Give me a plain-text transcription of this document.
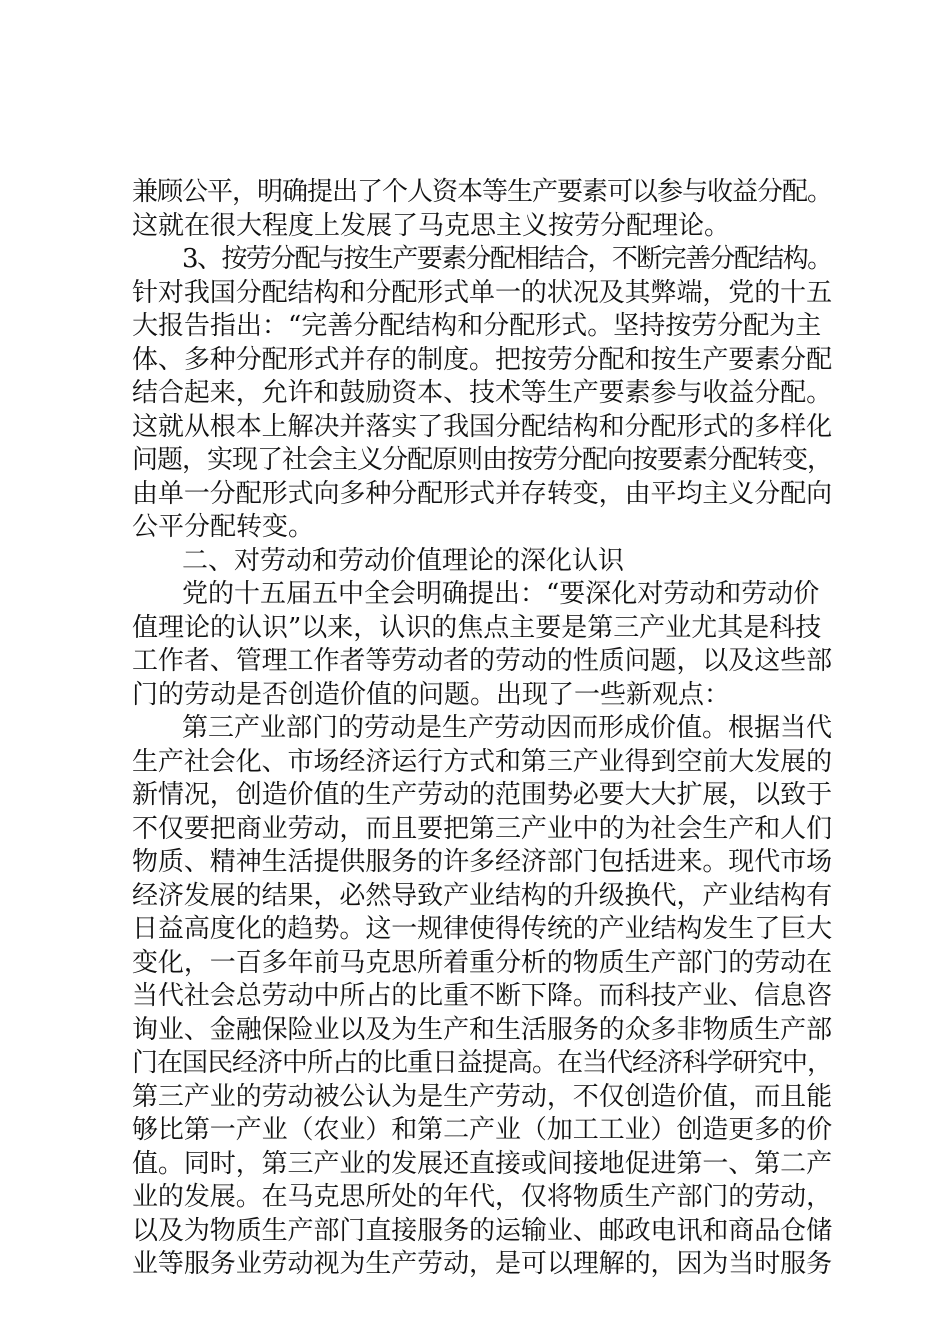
兼顾公平，明确提出了个人资本等生产要素可以参与收益分配。
这就在很大程度上发展了马克思主义按劳分配理论。
3、按劳分配与按生产要素分配相结合，不断完善分配结构。
针对我国分配结构和分配形式单一的状况及其弊端，党的十五
大报告指出：“完善分配结构和分配形式。坚持按劳分配为主
体、多种分配形式并存的制度。把按劳分配和按生产要素分配
结合起来，允许和鼓励资本、技术等生产要素参与收益分配。
这就从根本上解决并落实了我国分配结构和分配形式的多样化
问题，实现了社会主义分配原则由按劳分配向按要素分配转变，
由单一分配形式向多种分配形式并存转变，由平均主义分配向
公平分配转变。
二、对劳动和劳动价值理论的深化认识
党的十五届五中全会明确提出：“要深化对劳动和劳动价
值理论的认识”以来，认识的焦点主要是第三产业尤其是科技
工作者、管理工作者等劳动者的劳动的性质问题，以及这些部
门的劳动是否创造价值的问题。出现了一些新观点：
第三产业部门的劳动是生产劳动因而形成价值。根据当代
生产社会化、市场经济运行方式和第三产业得到空前大发展的
新情况，创造价值的生产劳动的范围势必要大大扩展，以致于
不仅要把商业劳动，而且要把第三产业中的为社会生产和人们
物质、精神生活提供服务的许多经济部门包括进来。现代市场
经济发展的结果，必然导致产业结构的升级换代，产业结构有
日益高度化的趋势。这一规律使得传统的产业结构发生了巨大
变化，一百多年前马克思所着重分析的物质生产部门的劳动在
当代社会总劳动中所占的比重不断下降。而科技产业、信息咨
询业、金融保险业以及为生产和生活服务的众多非物质生产部
门在国民经济中所占的比重日益提高。在当代经济科学研究中，
第三产业的劳动被公认为是生产劳动，不仅创造价值，而且能
够比第一产业（农业）和第二产业（加工工业）创造更多的价
值。同时，第三产业的发展还直接或间接地促进第一、第二产
业的发展。在马克思所处的年代，仅将物质生产部门的劳动，
以及为物质生产部门直接服务的运输业、邮政电讯和商品仓储
业等服务业劳动视为生产劳动，是可以理解的，因为当时服务
